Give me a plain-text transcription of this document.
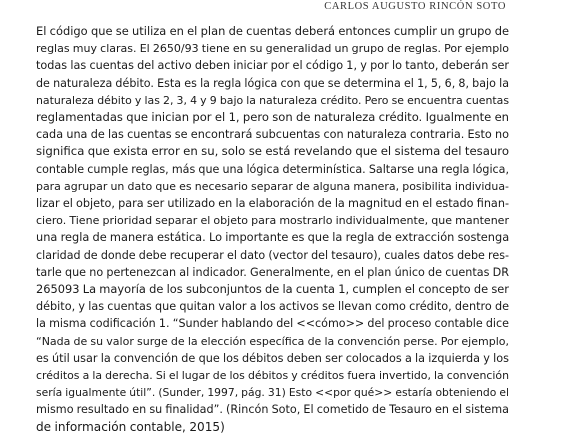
CARLOS AUGUSTO RINCÓN SOTO
El código que se utiliza en el plan de cuentas deberá entonces cumplir un grupo de
reglas muy claras. El 2650/93 tiene en su generalidad un grupo de reglas. Por ejemplo
todas las cuentas del activo deben iniciar por el código 1, y por lo tanto, deberán ser
de naturaleza débito. Esta es la regla lógica con que se determina el 1, 5, 6, 8, bajo la
naturaleza débito y las 2, 3, 4 y 9 bajo la naturaleza crédito. Pero se encuentra cuentas
reglamentadas que inician por el 1, pero son de naturaleza crédito. Igualmente en
cada una de las cuentas se encontrará subcuentas con naturaleza contraria. Esto no
significa que exista error en su, solo se está revelando que el sistema del tesauro
contable cumple reglas, más que una lógica determinística. Saltarse una regla lógica,
para agrupar un dato que es necesario separar de alguna manera, posibilita individua-
lizar el objeto, para ser utilizado en la elaboración de la magnitud en el estado finan-
ciero. Tiene prioridad separar el objeto para mostrarlo individualmente, que mantener
una regla de manera estática. Lo importante es que la regla de extracción sostenga
claridad de donde debe recuperar el dato (vector del tesauro), cuales datos debe res-
tarle que no pertenezcan al indicador. Generalmente, en el plan único de cuentas DR
265093 La mayoría de los subconjuntos de la cuenta 1, cumplen el concepto de ser
débito, y las cuentas que quitan valor a los activos se llevan como crédito, dentro de
la misma codificación 1. “Sunder hablando del <<cómo>> del proceso contable dice
“Nada de su valor surge de la elección específica de la convención perse. Por ejemplo,
es útil usar la convención de que los débitos deben ser colocados a la izquierda y los
créditos a la derecha. Si el lugar de los débitos y créditos fuera invertido, la convención
sería igualmente útil”. (Sunder, 1997, pág. 31) Esto <<por qué>> estaría obteniendo el
mismo resultado en su finalidad”. (Rincón Soto, El cometido de Tesauro en el sistema
de información contable, 2015)
